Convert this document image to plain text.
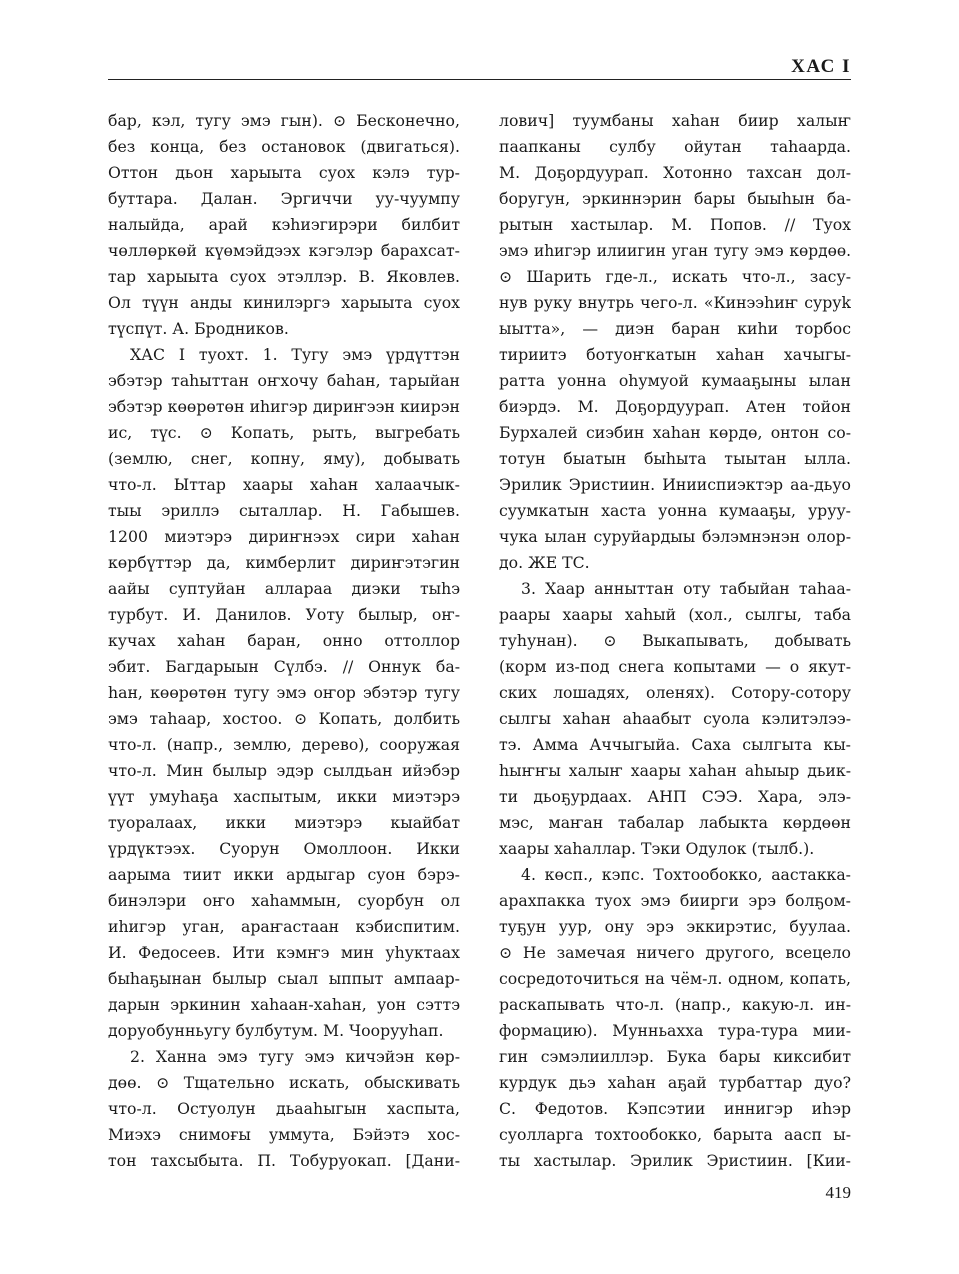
ХАС I
бар, кэл, тугу эмэ гын). ⊙ Бесконечно,
без конца, без остановок (двигаться).
Оттон дьон харыыта суох кэлэ тур-
буттара. Далан. Эргиччи уу-чуумпу
налыйда, арай кэhиэгирэри билбит
чөллөркөй күөмэйдээх кэгэлэр барахсат-
тар харыыта суох этэллэр. В. Яковлев.
Ол түүн анды кинилэргэ харыыта суох
түспүт. А. Бродников.
ХАС I туохт. 1. Тугу эмэ үрдүттэн
эбэтэр таhыттан оҥхочу баhан, тарыйан
эбэтэр көөрөтөн иhигэр дириҥээн киирэн
ис, түс. ⊙ Копать, рыть, выгребать
(землю, снег, копну, яму), добывать
что-л. Ыттар хаары хаhан халаачык-
тыы эриллэ сыталлар. Н. Габышев.
1200 миэтэрэ дириҥнээх сири хаhан
көрбүттэр да, кимберлит дириҥэтэгин
аайы суптуйан алларaа диэки тыhэ
турбут. И. Данилов. Уоту былыр, оҥ-
кучах хаhан баран, онно оттоллор
эбит. Багдарыын Сүлбэ. // Оннук ба-
hан, көөрөтөн тугу эмэ оҥор эбэтэр тугу
эмэ таhаар, хостоо. ⊙ Копать, долбить
что-л. (напр., землю, дерево), сооружая
что-л. Мин былыр эдэр сылдьан ийэбэр
үүт умуhаҕа хаспытым, икки миэтэрэ
туоралаах, икки миэтэрэ кыайбат
үрдүктээх. Суорун Омоллоон. Икки
аарыма тиит икки ардыгар суон бэрэ-
бинэлэри оҥо хаhаммын, суорбун ол
иhигэр уган, араҥастаан кэбиспитим.
И. Федосеев. Ити кэмҥэ мин уhуктаах
быhаҕынан былыр сыал ыппыт ампаар-
дарын эркинин хаhаан-хаhан, уон сэттэ
доруобунньугу булбутум. М. Чоорууhап.
2. Ханна эмэ тугу эмэ кичэйэн көр-
дөө. ⊙ Тщательно искать, обыскивать
что-л. Остуолун дьааhыгын хаспыта,
Миэхэ снимоғы уммута, Бэйэтэ хос-
тон тахсыбыта. П. Тобуруокап. [Дани-
лович] туумбаны хаhан биир халыҥ
паапканы сулбу ойутан таhаарда.
М. Доҕордуурап. Хотонно тахсан дол-
боругун, эркиннэрин бары быыhын ба-
рытын хастылар. М. Попов. // Туох
эмэ иhигэр илиигин уган тугу эмэ көрдөө.
⊙ Шарить где-л., искать что-л., засу-
нув руку внутрь чего-л. «Кинээhиҥ суруk
ыытта», — диэн баран киhи торбос
тириитэ ботуоҥкатын хаhан хачыгы-
ратта уонна оhумуой кумааҕыны ылан
биэрдэ. М. Доҕордуурап. Атен тойон
Бурхалей сиэбин хаhан көрдө, онтон со-
тотун быатын быhыта тыытан ылла.
Эрилик Эристиин. Инииспиэктэр аа-дьуо
суумкатын хаста уонна кумааҕы, уруу-
чука ылан суруйардыы бэлэмнэнэн олор-
до. ЖЕ ТС.
3. Хаар анныттан оту табыйан таhаа-
раары хаары хаhый (хол., сылгы, таба
туhунан). ⊙ Выкапывать, добывать
(корм из-под снега копытами — о якут-
ских лошадях, оленях). Сотору-сотору
сылгы хаhан аhаабыт суола кэлитэлээ-
тэ. Амма Аччыгыйа. Саха сылгыта кы-
hыҥҥы халыҥ хаары хаhан аhыыр дьик-
ти дьоҕурдаах. АНП СЭЭ. Хара, элэ-
мэс, маҥан табалар лабыкта көрдөөн
хаары хаhаллар. Тэки Одулок (тылб.).
4. көсп., кэпс. Тохтообокко, аастакка-
арахпакка туох эмэ биирги эрэ болҕом-
туҕун уур, ону эрэ эккирэтис, буулаа.
⊙ Не замечая ничего другого, всецело
сосредоточиться на чём-л. одном, копать,
раскапывать что-л. (напр., какую-л. ин-
формацию). Мунньахха тура-тура мии-
гин сэмэлииллэр. Бука бары киксибит
курдук дьэ хаhан аҕай турбаттар дуо?
С. Федотов. Кэпсэтии иннигэр иhэр
суолларга тохтообокко, барыта аасп ы-
ты хастылар. Эрилик Эристиин. [Кии-
419
